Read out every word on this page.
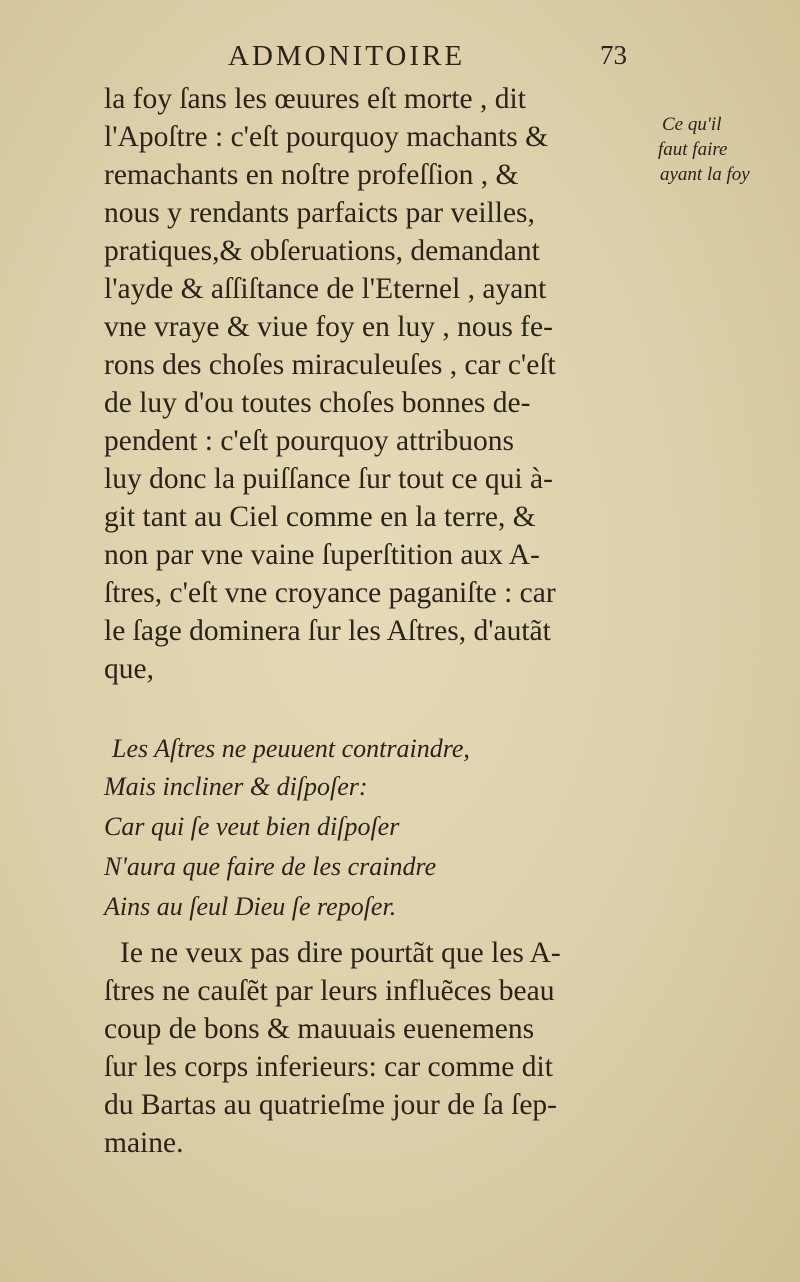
ADMONITOIRE	73
Ce qu'il
faut faire
ayant la foy
la foy ſans les œuures eſt morte , dit
l'Apoſtre : c'eſt pourquoy machants &
remachants en noſtre profeſſion , &
nous y rendants parfaicts par veilles,
pratiques,& obſeruations, demandant
l'ayde & aſſiſtance de l'Eternel , ayant
vne vraye & viue foy en luy , nous fe-
rons des choſes miraculeuſes , car c'eſt
de luy d'ou toutes choſes bonnes de-
pendent : c'eſt pourquoy attribuons
luy donc la puiſſance ſur tout ce qui à-
git tant au Ciel comme en la terre, &
non par vne vaine ſuperſtition aux A-
ſtres, c'eſt vne croyance paganiſte : car
le ſage dominera ſur les Aſtres, d'autãt
que,
Les Aſtres ne peuuent contraindre,
Mais incliner & diſpoſer:
Car qui ſe veut bien diſpoſer
N'aura que faire de les craindre
Ains au ſeul Dieu ſe repoſer.
Ie ne veux pas dire pourtãt que les A-
ſtres ne cauſẽt par leurs influẽces beau
coup de bons & mauuais euenemens
ſur les corps inferieurs: car comme dit
du Bartas au quatrieſme jour de ſa ſep-
maine.
